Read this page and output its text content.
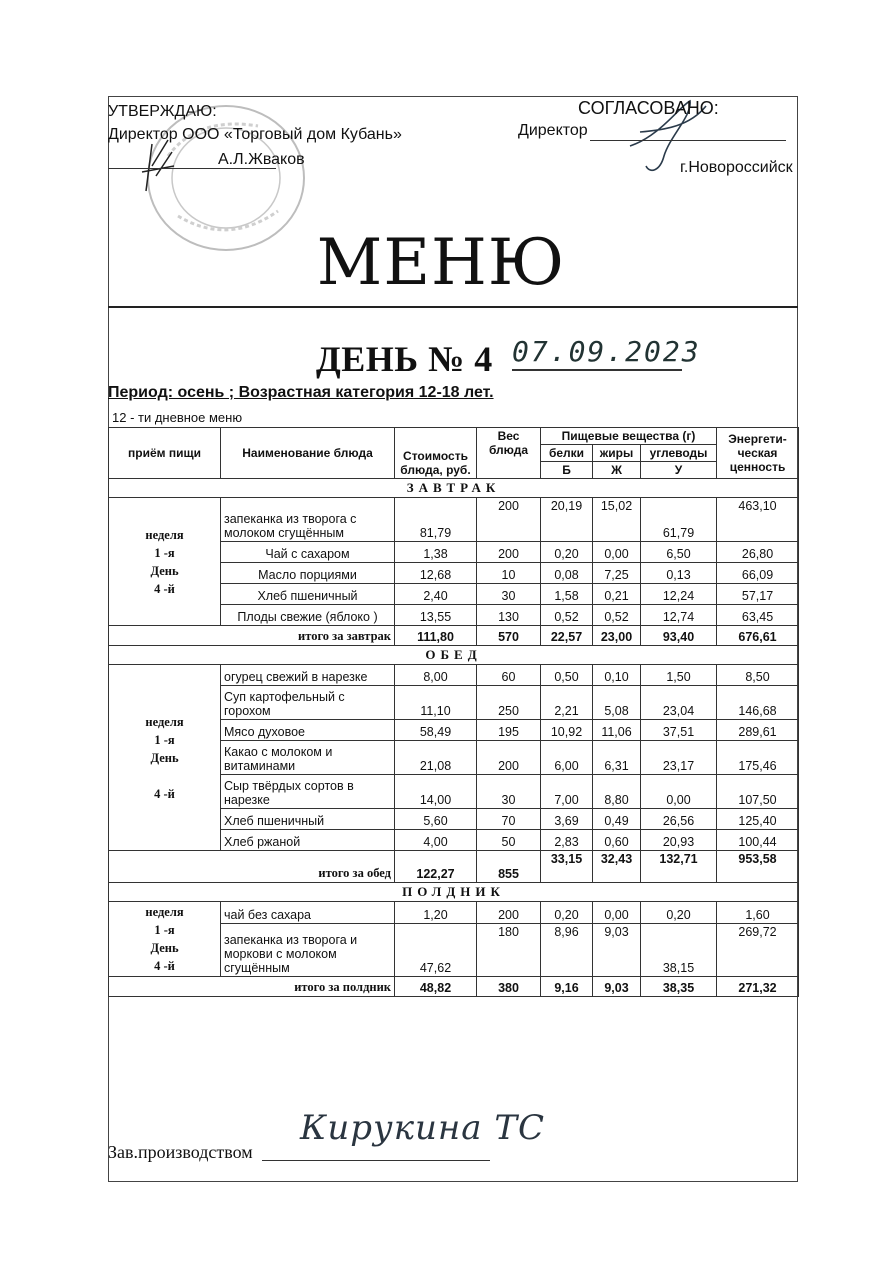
УТВЕРЖДАЮ:
Директор ООО «Торговый дом Кубань»
А.Л.Жваков
СОГЛАСОВАНО:
Директор
г.Новороссийск
МЕНЮ
ДЕНЬ № 4 07.09.2023
Период: осень ; Возрастная категория 12-18 лет.
12 - ти дневное меню
приём пищи	Наименование блюда	Стоимость блюда, руб.	Вес блюда	Пищевые вещества (г)			Энергети-ческая ценность
				белки	жиры	углеводы	
				Б	Ж	У	
ЗАВТРАК							

неделя
1 -я
День
4 -й	запеканка из творога с молоком сгущённым	81,79	200	20,19	15,02	61,79	463,10
	Чай с сахаром	1,38	200	0,20	0,00	6,50	26,80
	Масло порциями	12,68	10	0,08	7,25	0,13	66,09
	Хлеб пшеничный	2,40	30	1,58	0,21	12,24	57,17
	Плоды свежие (яблоко )	13,55	130	0,52	0,52	12,74	63,45
итого за завтрак		111,80	570	22,57	23,00	93,40	676,61
ОБЕД							

неделя
1 -я
День
4 -й	огурец свежий в нарезке	8,00	60	0,50	0,10	1,50	8,50
	Суп картофельный с горохом	11,10	250	2,21	5,08	23,04	146,68
	Мясо духовое	58,49	195	10,92	11,06	37,51	289,61
	Какао с молоком и витаминами	21,08	200	6,00	6,31	23,17	175,46
	Сыр твёрдых сортов в нарезке	14,00	30	7,00	8,80	0,00	107,50
	Хлеб пшеничный	5,60	70	3,69	0,49	26,56	125,40
	Хлеб ржаной	4,00	50	2,83	0,60	20,93	100,44
итого за обед		122,27	855	33,15	32,43	132,71	953,58
ПОЛДНИК							

неделя
1 -я
День
4 -й	чай без сахара	1,20	200	0,20	0,00	0,20	1,60
	запеканка из творога и моркови с молоком сгущённым	47,62	180	8,96	9,03	38,15	269,72
итого за полдник		48,82	380	9,16	9,03	38,35	271,32
Зав.производством
Кирукина ТС
